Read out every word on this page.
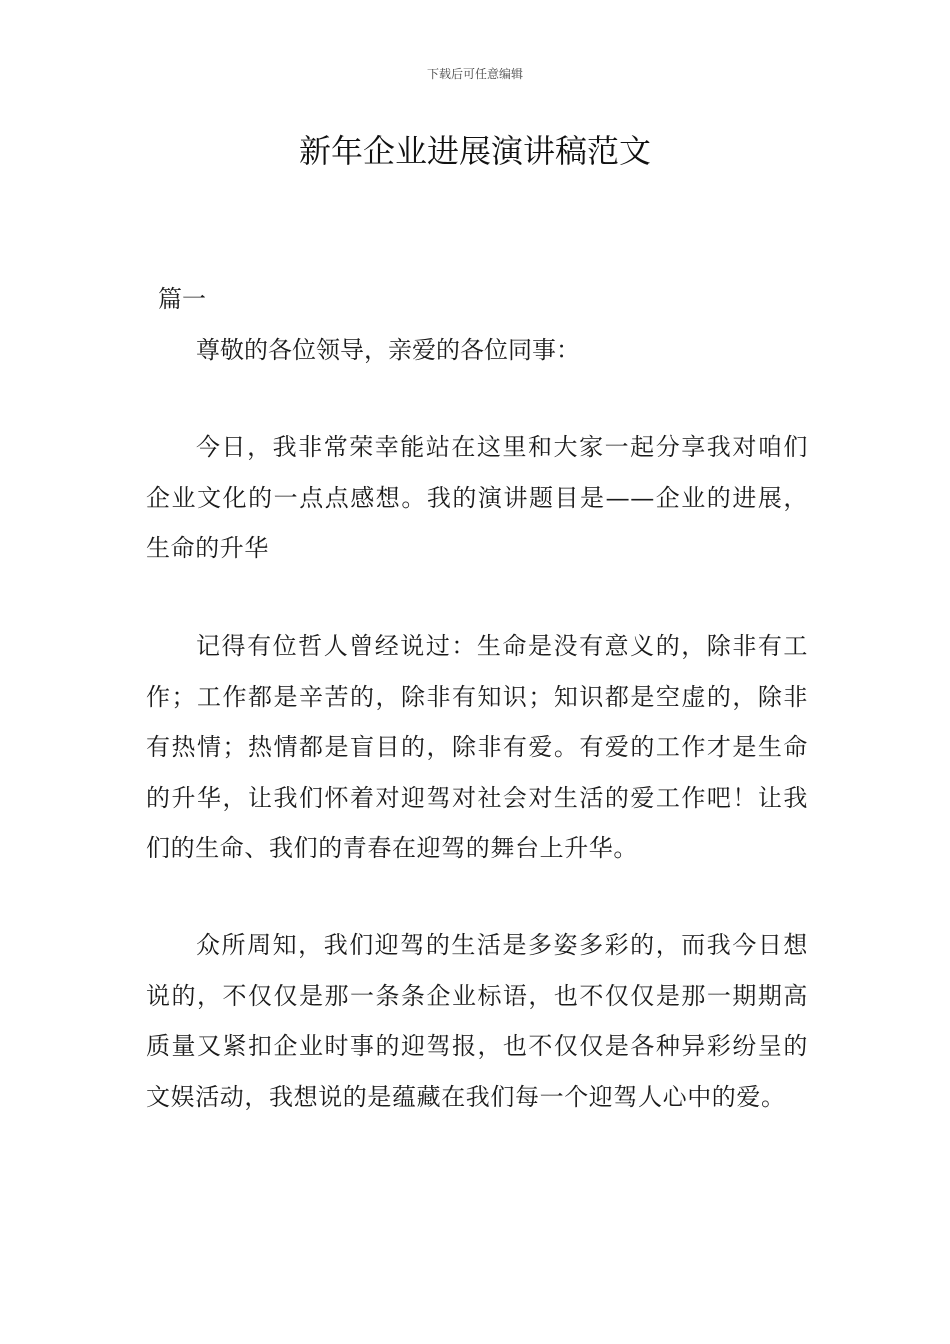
下载后可任意编辑
新年企业进展演讲稿范文
篇一

尊敬的各位领导，亲爱的各位同事：

今日，我非常荣幸能站在这里和大家一起分享我对咱们企业文化的一点点感想。我的演讲题目是——企业的进展，生命的升华

记得有位哲人曾经说过：生命是没有意义的，除非有工作；工作都是辛苦的，除非有知识；知识都是空虚的，除非有热情；热情都是盲目的，除非有爱。有爱的工作才是生命的升华，让我们怀着对迎驾对社会对生活的爱工作吧！让我们的生命、我们的青春在迎驾的舞台上升华。

众所周知，我们迎驾的生活是多姿多彩的，而我今日想说的，不仅仅是那一条条企业标语，也不仅仅是那一期期高质量又紧扣企业时事的迎驾报，也不仅仅是各种异彩纷呈的文娱活动，我想说的是蕴藏在我们每一个迎驾人心中的爱。
